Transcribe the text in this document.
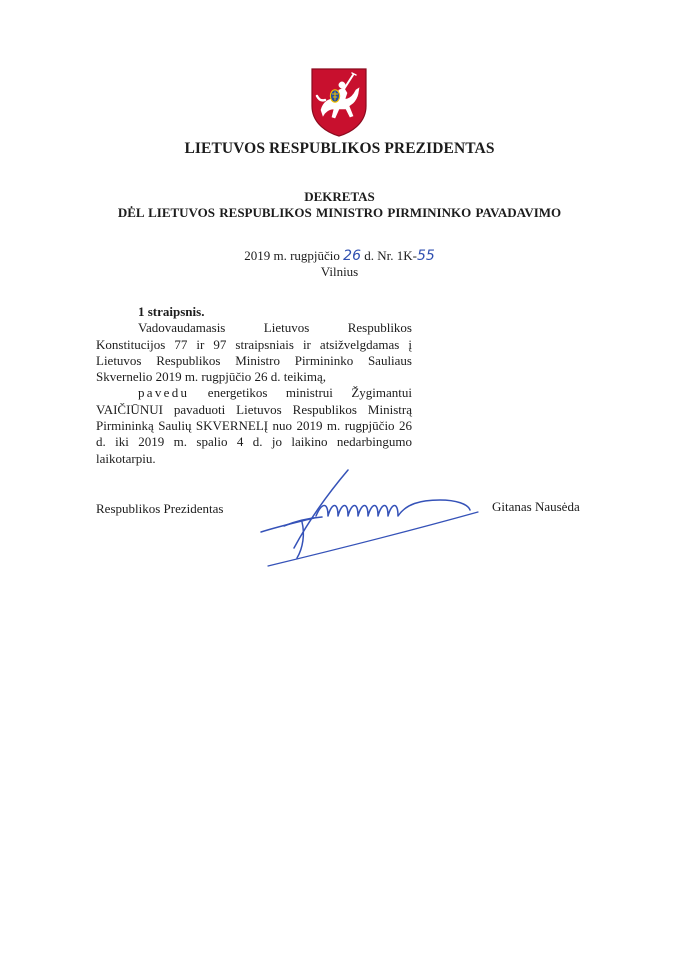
LIETUVOS RESPUBLIKOS PREZIDENTAS
DEKRETAS
DĖL LIETUVOS RESPUBLIKOS MINISTRO PIRMININKO PAVADAVIMO
2019 m. rugpjūčio 26 d. Nr. 1K-55
Vilnius

1 straipsnis.

Vadovaudamasis Lietuvos Respublikos Konstitucijos 77 ir 97 straipsniais ir atsižvelgdamas į Lietuvos Respublikos Ministro Pirmininko Sauliaus Skvernelio 2019 m. rugpjūčio 26 d. teikimą,

pavedu energetikos ministrui Žygimantui VAIČIŪNUI pavaduoti Lietuvos Respublikos Ministrą Pirmininką Saulių SKVERNELĮ nuo 2019 m. rugpjūčio 26 d. iki 2019 m. spalio 4 d. jo laikino nedarbingumo laikotarpiu.

Respublikos Prezidentas	Gitanas Nausėda
